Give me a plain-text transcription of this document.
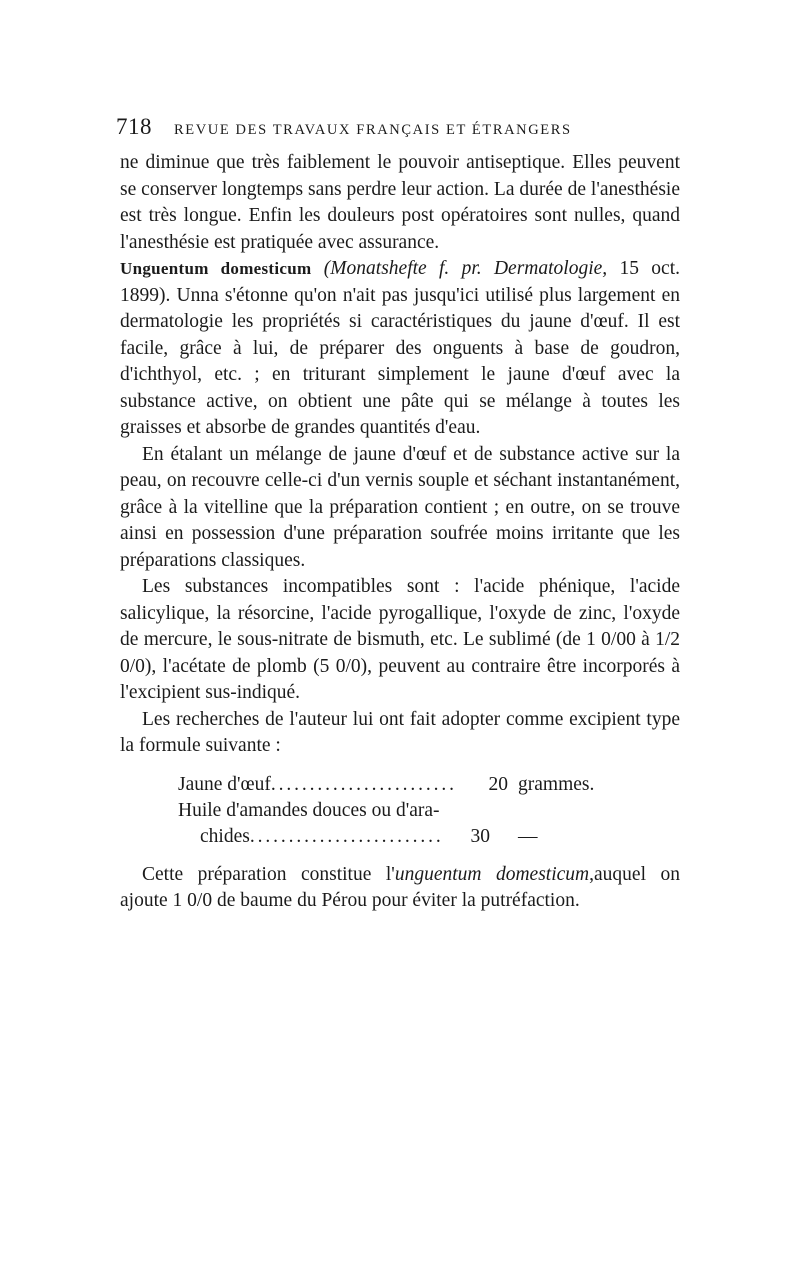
718 REVUE DES TRAVAUX FRANÇAIS ET ÉTRANGERS

ne diminue que très faiblement le pouvoir antiseptique. Elles peuvent se conserver longtemps sans perdre leur action. La durée de l'anesthésie est très longue. Enfin les douleurs post opératoires sont nulles, quand l'anesthésie est pratiquée avec assurance.

Unguentum domesticum (Monatshefte f. pr. Dermatologie, 15 oct. 1899). Unna s'étonne qu'on n'ait pas jusqu'ici utilisé plus largement en dermatologie les propriétés si caractéristiques du jaune d'œuf. Il est facile, grâce à lui, de préparer des onguents à base de goudron, d'ichthyol, etc. ; en triturant simplement le jaune d'œuf avec la substance active, on obtient une pâte qui se mélange à toutes les graisses et absorbe de grandes quantités d'eau.

En étalant un mélange de jaune d'œuf et de substance active sur la peau, on recouvre celle-ci d'un vernis souple et séchant instantanément, grâce à la vitelline que la préparation contient ; en outre, on se trouve ainsi en possession d'une préparation soufrée moins irritante que les préparations classiques.

Les substances incompatibles sont : l'acide phénique, l'acide salicylique, la résorcine, l'acide pyrogallique, l'oxyde de zinc, l'oxyde de mercure, le sous-nitrate de bismuth, etc. Le sublimé (de 1 0/00 à 1/2 0/0), l'acétate de plomb (5 0/0), peuvent au contraire être incorporés à l'excipient sus-indiqué.

Les recherches de l'auteur lui ont fait adopter comme excipient type la formule suivante :

Jaune d'œuf . . .	20 grammes.
Huile d'amandes douces ou d'ara-
chides . . .	30	—

Cette préparation constitue l'unguentum domesticum,auquel on ajoute 1 0/0 de baume du Pérou pour éviter la putréfaction.
